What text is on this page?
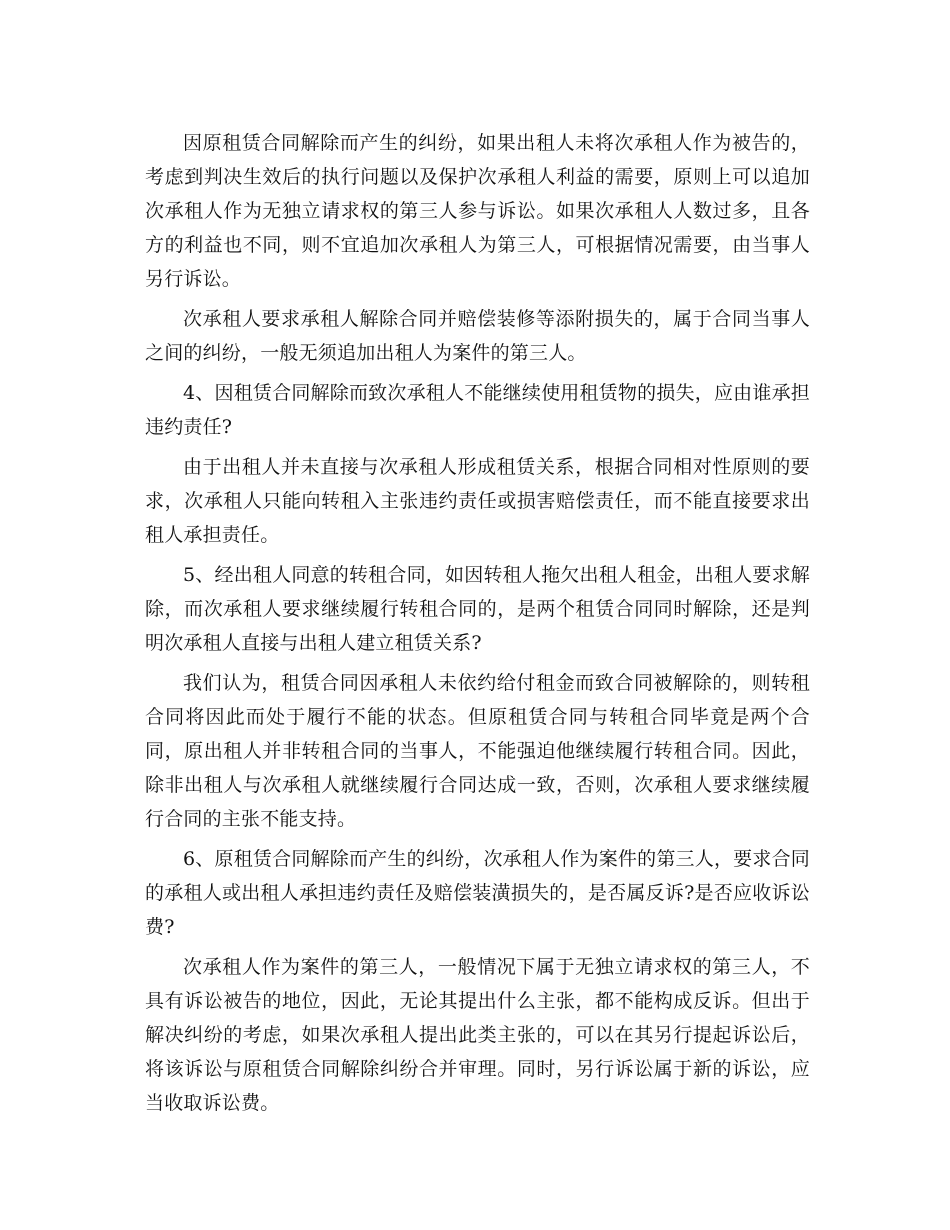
因原租赁合同解除而产生的纠纷，如果出租人未将次承租人作为被告的，考虑到判决生效后的执行问题以及保护次承租人利益的需要，原则上可以追加次承租人作为无独立请求权的第三人参与诉讼。如果次承租人人数过多，且各方的利益也不同，则不宜追加次承租人为第三人，可根据情况需要，由当事人另行诉讼。

次承租人要求承租人解除合同并赔偿装修等添附损失的，属于合同当事人之间的纠纷，一般无须追加出租人为案件的第三人。

4、因租赁合同解除而致次承租人不能继续使用租赁物的损失，应由谁承担违约责任?

由于出租人并未直接与次承租人形成租赁关系，根据合同相对性原则的要求，次承租人只能向转租入主张违约责任或损害赔偿责任，而不能直接要求出租人承担责任。

5、经出租人同意的转租合同，如因转租人拖欠出租人租金，出租人要求解除，而次承租人要求继续履行转租合同的，是两个租赁合同同时解除，还是判明次承租人直接与出租人建立租赁关系?

我们认为，租赁合同因承租人未依约给付租金而致合同被解除的，则转租合同将因此而处于履行不能的状态。但原租赁合同与转租合同毕竟是两个合同，原出租人并非转租合同的当事人，不能强迫他继续履行转租合同。因此，除非出租人与次承租人就继续履行合同达成一致，否则，次承租人要求继续履行合同的主张不能支持。

6、原租赁合同解除而产生的纠纷，次承租人作为案件的第三人，要求合同的承租人或出租人承担违约责任及赔偿装潢损失的，是否属反诉?是否应收诉讼费?

次承租人作为案件的第三人，一般情况下属于无独立请求权的第三人，不具有诉讼被告的地位，因此，无论其提出什么主张，都不能构成反诉。但出于解决纠纷的考虑，如果次承租人提出此类主张的，可以在其另行提起诉讼后，将该诉讼与原租赁合同解除纠纷合并审理。同时，另行诉讼属于新的诉讼，应当收取诉讼费。
